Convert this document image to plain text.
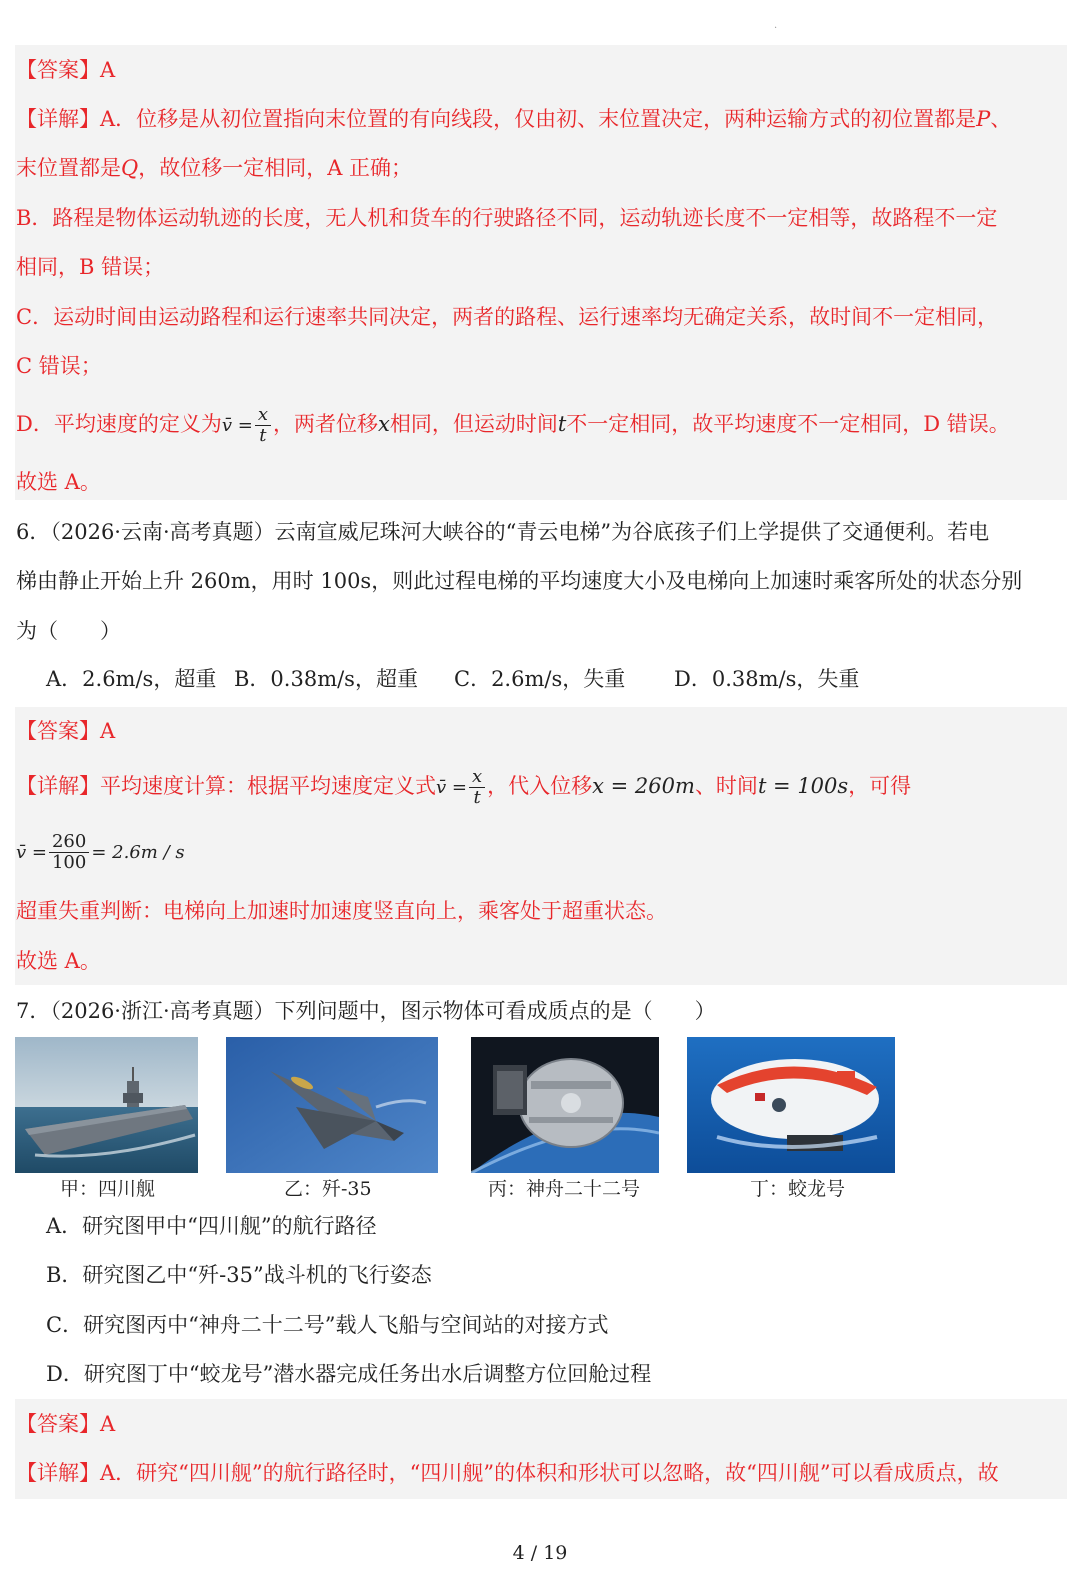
.
【答案】A
【详解】A．位移是从初位置指向末位置的有向线段，仅由初、末位置决定，两种运输方式的初位置都是P、
末位置都是Q，故位移一定相同，A 正确；
B．路程是物体运动轨迹的长度，无人机和货车的行驶路径不同，运动轨迹长度不一定相等，故路程不一定
相同，B 错误；
C．运动时间由运动路程和运行速率共同决定，两者的路程、运行速率均无确定关系，故时间不一定相同，
C 错误；
D．平均速度的定义为v̄ = $\frac{x}{t}$ ，两者位移x相同，但运动时间t不一定相同，故平均速度不一定相同，D 错误。
故选 A。
6．（2026·云南·高考真题）云南宣威尼珠河大峡谷的“青云电梯”为谷底孩子们上学提供了交通便利。若电
梯由静止开始上升 260m，用时 100s，则此过程电梯的平均速度大小及电梯向上加速时乘客所处的状态分别
为（　　）
A．2.6m/s，超重 B．0.38m/s，超重 C．2.6m/s，失重 D．0.38m/s，失重
【答案】A
【详解】平均速度计算：根据平均速度定义式v̄ = $\frac{x}{t}$ ，代入位移x = 260m、时间t = 100s，可得
v̄ = $\frac{260}{100} = 2.6m / s$
超重失重判断：电梯向上加速时加速度竖直向上，乘客处于超重状态。
故选 A。
7．（2026·浙江·高考真题）下列问题中，图示物体可看成质点的是（　　）
甲：四川舰	乙：歼-35	丙：神舟二十二号	丁：蛟龙号
A．研究图甲中“四川舰”的航行路径
B．研究图乙中“歼-35”战斗机的飞行姿态
C．研究图丙中“神舟二十二号”载人飞船与空间站的对接方式
D．研究图丁中“蛟龙号”潜水器完成任务出水后调整方位回舱过程
【答案】A
【详解】A．研究“四川舰”的航行路径时，“四川舰”的体积和形状可以忽略，故“四川舰”可以看成质点，故
4 / 19
